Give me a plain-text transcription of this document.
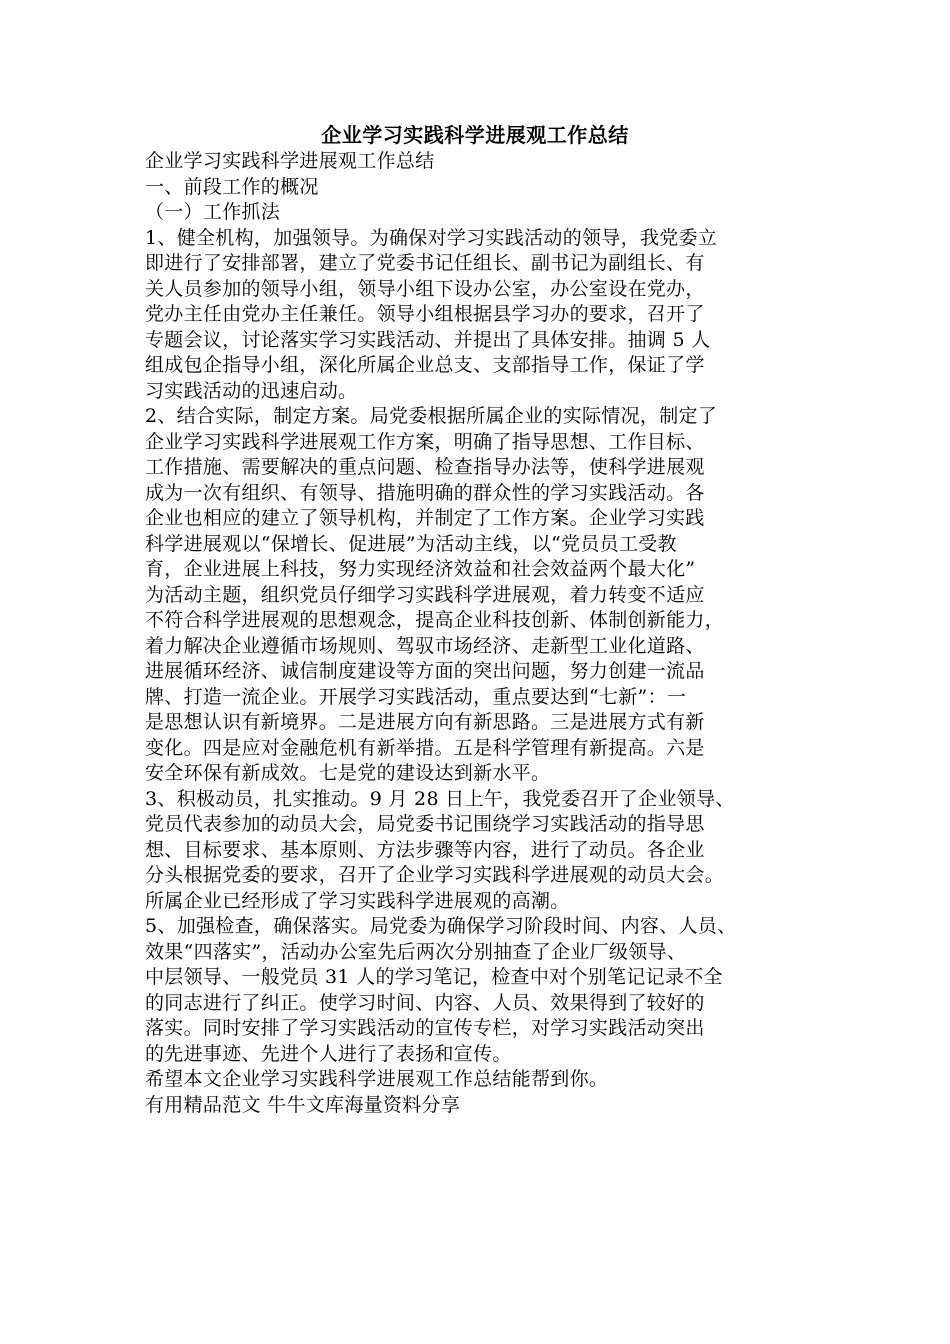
企业学习实践科学进展观工作总结
企业学习实践科学进展观工作总结
一、前段工作的概况
（一）工作抓法
1、健全机构，加强领导。为确保对学习实践活动的领导，我党委立
即进行了安排部署，建立了党委书记任组长、副书记为副组长、有
关人员参加的领导小组，领导小组下设办公室，办公室设在党办，
党办主任由党办主任兼任。领导小组根据县学习办的要求，召开了
专题会议，讨论落实学习实践活动、并提出了具体安排。抽调 5 人
组成包企指导小组，深化所属企业总支、支部指导工作，保证了学
习实践活动的迅速启动。
2、结合实际，制定方案。局党委根据所属企业的实际情况，制定了
企业学习实践科学进展观工作方案，明确了指导思想、工作目标、
工作措施、需要解决的重点问题、检查指导办法等，使科学进展观
成为一次有组织、有领导、措施明确的群众性的学习实践活动。各
企业也相应的建立了领导机构，并制定了工作方案。企业学习实践
科学进展观以“保增长、促进展”为活动主线，以“党员员工受教
育，企业进展上科技，努力实现经济效益和社会效益两个最大化”
为活动主题，组织党员仔细学习实践科学进展观，着力转变不适应
不符合科学进展观的思想观念，提高企业科技创新、体制创新能力，
着力解决企业遵循市场规则、驾驭市场经济、走新型工业化道路、
进展循环经济、诚信制度建设等方面的突出问题，努力创建一流品
牌、打造一流企业。开展学习实践活动，重点要达到“七新”：一
是思想认识有新境界。二是进展方向有新思路。三是进展方式有新
变化。四是应对金融危机有新举措。五是科学管理有新提高。六是
安全环保有新成效。七是党的建设达到新水平。
3、积极动员，扎实推动。9 月 28 日上午，我党委召开了企业领导、
党员代表参加的动员大会，局党委书记围绕学习实践活动的指导思
想、目标要求、基本原则、方法步骤等内容，进行了动员。各企业
分头根据党委的要求，召开了企业学习实践科学进展观的动员大会。
所属企业已经形成了学习实践科学进展观的高潮。
5、加强检查，确保落实。局党委为确保学习阶段时间、内容、人员、
效果“四落实”，活动办公室先后两次分别抽查了企业厂级领导、
中层领导、一般党员 31 人的学习笔记，检查中对个别笔记记录不全
的同志进行了纠正。使学习时间、内容、人员、效果得到了较好的
落实。同时安排了学习实践活动的宣传专栏，对学习实践活动突出
的先进事迹、先进个人进行了表扬和宣传。
希望本文企业学习实践科学进展观工作总结能帮到你。
有用精品范文 牛牛文库海量资料分享
